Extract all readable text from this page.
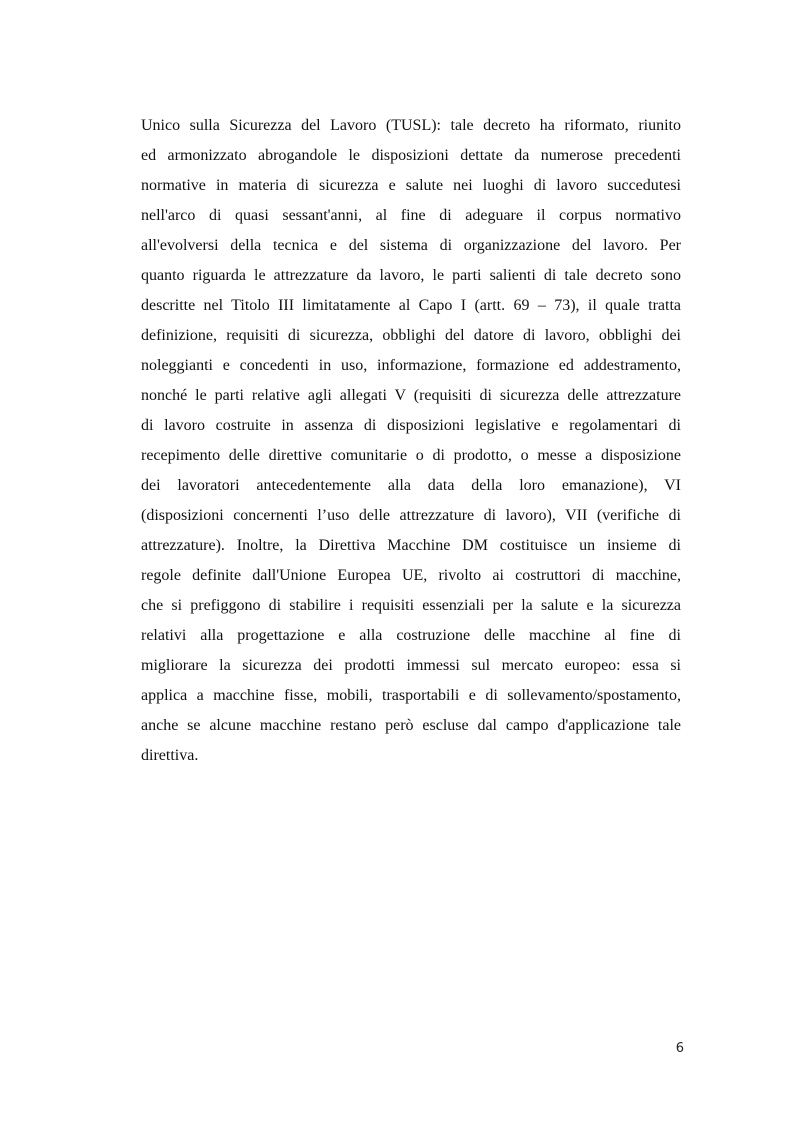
Unico sulla Sicurezza del Lavoro (TUSL): tale decreto ha riformato, riunito
ed armonizzato abrogandole le disposizioni dettate da numerose precedenti
normative in materia di sicurezza e salute nei luoghi di lavoro succedutesi
nell'arco di quasi sessant'anni, al fine di adeguare il corpus normativo
all'evolversi della tecnica e del sistema di organizzazione del lavoro. Per
quanto riguarda le attrezzature da lavoro, le parti salienti di tale decreto sono
descritte nel Titolo III limitatamente al Capo I (artt. 69 – 73), il quale tratta
definizione, requisiti di sicurezza, obblighi del datore di lavoro, obblighi dei
noleggianti e concedenti in uso, informazione, formazione ed addestramento,
nonché le parti relative agli allegati V (requisiti di sicurezza delle attrezzature
di lavoro costruite in assenza di disposizioni legislative e regolamentari di
recepimento delle direttive comunitarie o di prodotto, o messe a disposizione
dei lavoratori antecedentemente alla data della loro emanazione), VI
(disposizioni concernenti l’uso delle attrezzature di lavoro), VII (verifiche di
attrezzature). Inoltre, la Direttiva Macchine DM costituisce un insieme di
regole definite dall'Unione Europea UE, rivolto ai costruttori di macchine,
che si prefiggono di stabilire i requisiti essenziali per la salute e la sicurezza
relativi alla progettazione e alla costruzione delle macchine al fine di
migliorare la sicurezza dei prodotti immessi sul mercato europeo: essa si
applica a macchine fisse, mobili, trasportabili e di sollevamento/spostamento,
anche se alcune macchine restano però escluse dal campo d'applicazione tale
direttiva.

6
